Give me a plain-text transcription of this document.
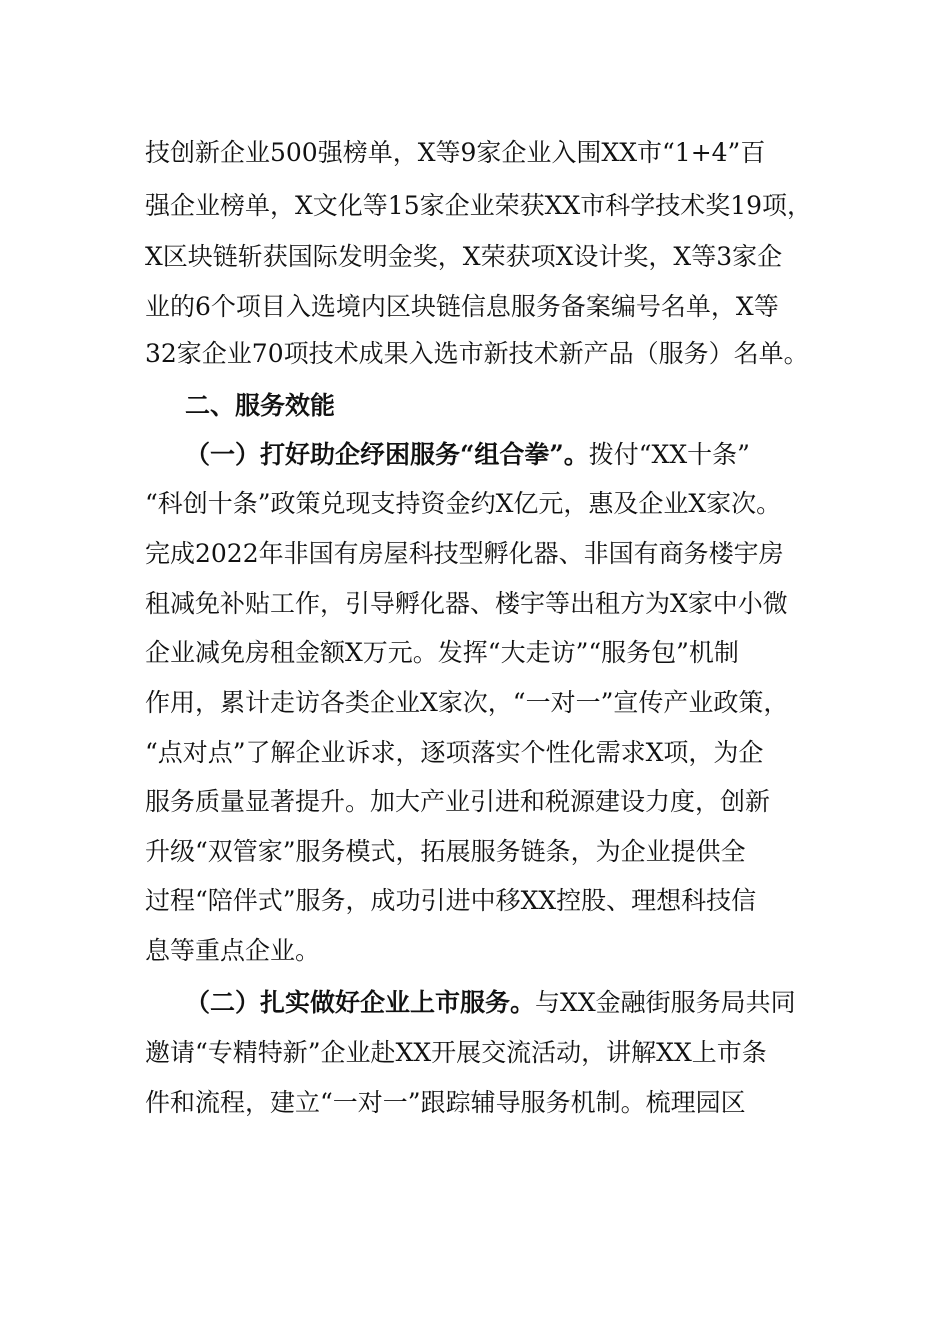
技创新企业500强榜单，X等9家企业入围XX市“1+4”百
强企业榜单，X文化等15家企业荣获XX市科学技术奖19项，
X区块链斩获国际发明金奖，X荣获项X设计奖，X等3家企
业的6个项目入选境内区块链信息服务备案编号名单，X等
32家企业70项技术成果入选市新技术新产品（服务）名单。
二、服务效能
（一）打好助企纾困服务“组合拳”。拨付“XX十条”
“科创十条”政策兑现支持资金约X亿元，惠及企业X家次。
完成2022年非国有房屋科技型孵化器、非国有商务楼宇房
租减免补贴工作，引导孵化器、楼宇等出租方为X家中小微
企业减免房租金额X万元。发挥“大走访”“服务包”机制
作用，累计走访各类企业X家次，“一对一”宣传产业政策，
“点对点”了解企业诉求，逐项落实个性化需求X项，为企
服务质量显著提升。加大产业引进和税源建设力度，创新
升级“双管家”服务模式，拓展服务链条，为企业提供全
过程“陪伴式”服务，成功引进中移XX控股、理想科技信
息等重点企业。
（二）扎实做好企业上市服务。与XX金融街服务局共同
邀请“专精特新”企业赴XX开展交流活动，讲解XX上市条
件和流程，建立“一对一”跟踪辅导服务机制。梳理园区
